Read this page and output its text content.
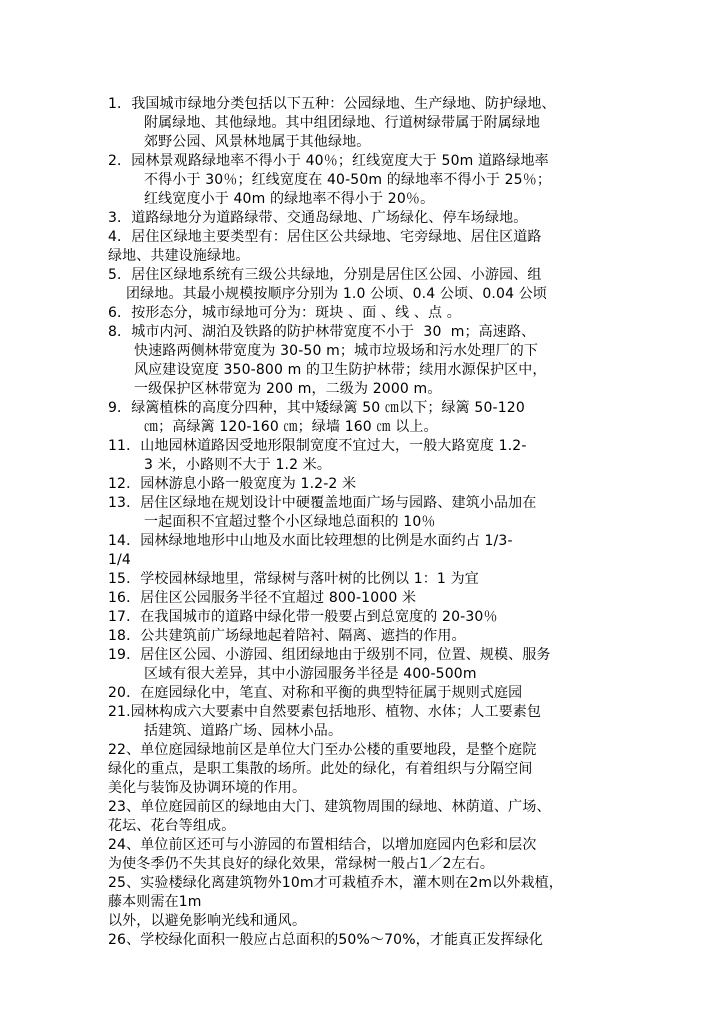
1．我国城市绿地分类包括以下五种：公园绿地、生产绿地、防护绿地、
附属绿地、其他绿地。其中组团绿地、行道树绿带属于附属绿地
郊野公园、风景林地属于其他绿地。
2．园林景观路绿地率不得小于 40％；红线宽度大于 50m 道路绿地率
不得小于 30％；红线宽度在 40-50m 的绿地率不得小于 25％；
红线宽度小于 40m 的绿地率不得小于 20％。
3．道路绿地分为道路绿带、交通岛绿地、广场绿化、停车场绿地。
4．居住区绿地主要类型有：居住区公共绿地、宅旁绿地、居住区道路
绿地、共建设施绿地。
5．居住区绿地系统有三级公共绿地，分别是居住区公园、小游园、组
团绿地。其最小规模按顺序分别为 1.0 公顷、0.4 公顷、0.04 公顷
6．按形态分，城市绿地可分为：斑块 、面 、线 、点 。
8．城市内河、湖泊及铁路的防护林带宽度不小于  30  m；高速路、
快速路两侧林带宽度为 30-50 m；城市垃圾场和污水处理厂的下
风应建设宽度 350-800 m 的卫生防护林带；续用水源保护区中，
一级保护区林带宽为 200 m，二级为 2000 m。
9．绿篱植株的高度分四种，其中矮绿篱 50 ㎝以下；绿篱 50-120
㎝；高绿篱 120-160 ㎝；绿墙 160 ㎝ 以上。
11．山地园林道路因受地形限制宽度不宜过大，一般大路宽度 1.2-
3 米，小路则不大于 1.2 米。
12．园林游息小路一般宽度为 1.2-2 米
13．居住区绿地在规划设计中硬覆盖地面广场与园路、建筑小品加在
一起面积不宜超过整个小区绿地总面积的 10％
14．园林绿地地形中山地及水面比较理想的比例是水面约占 1/3-
1/4
15．学校园林绿地里，常绿树与落叶树的比例以 1：1 为宜
16．居住区公园服务半径不宜超过 800-1000 米
17．在我国城市的道路中绿化带一般要占到总宽度的 20-30％
18．公共建筑前广场绿地起着陪衬、隔离、遮挡的作用。
19．居住区公园、小游园、组团绿地由于级别不同，位置、规模、服务
区域有很大差异，其中小游园服务半径是 400-500m
20．在庭园绿化中，笔直、对称和平衡的典型特征属于规则式庭园
21.园林构成六大要素中自然要素包括地形、植物、水体；人工要素包
括建筑、道路广场、园林小品。
22、单位庭园绿地前区是单位大门至办公楼的重要地段，是整个庭院
绿化的重点，是职工集散的场所。此处的绿化，有着组织与分隔空间
美化与装饰及协调环境的作用。
23、单位庭园前区的绿地由大门、建筑物周围的绿地、林荫道、广场、
花坛、花台等组成。
24、单位前区还可与小游园的布置相结合，以增加庭园内色彩和层次
为使冬季仍不失其良好的绿化效果，常绿树一般占1／2左右。
25、实验楼绿化离建筑物外10m才可栽植乔木，灌木则在2m以外栽植，
藤本则需在1m
以外，以避免影响光线和通风。
26、学校绿化面积一般应占总面积的50%～70%，才能真正发挥绿化
